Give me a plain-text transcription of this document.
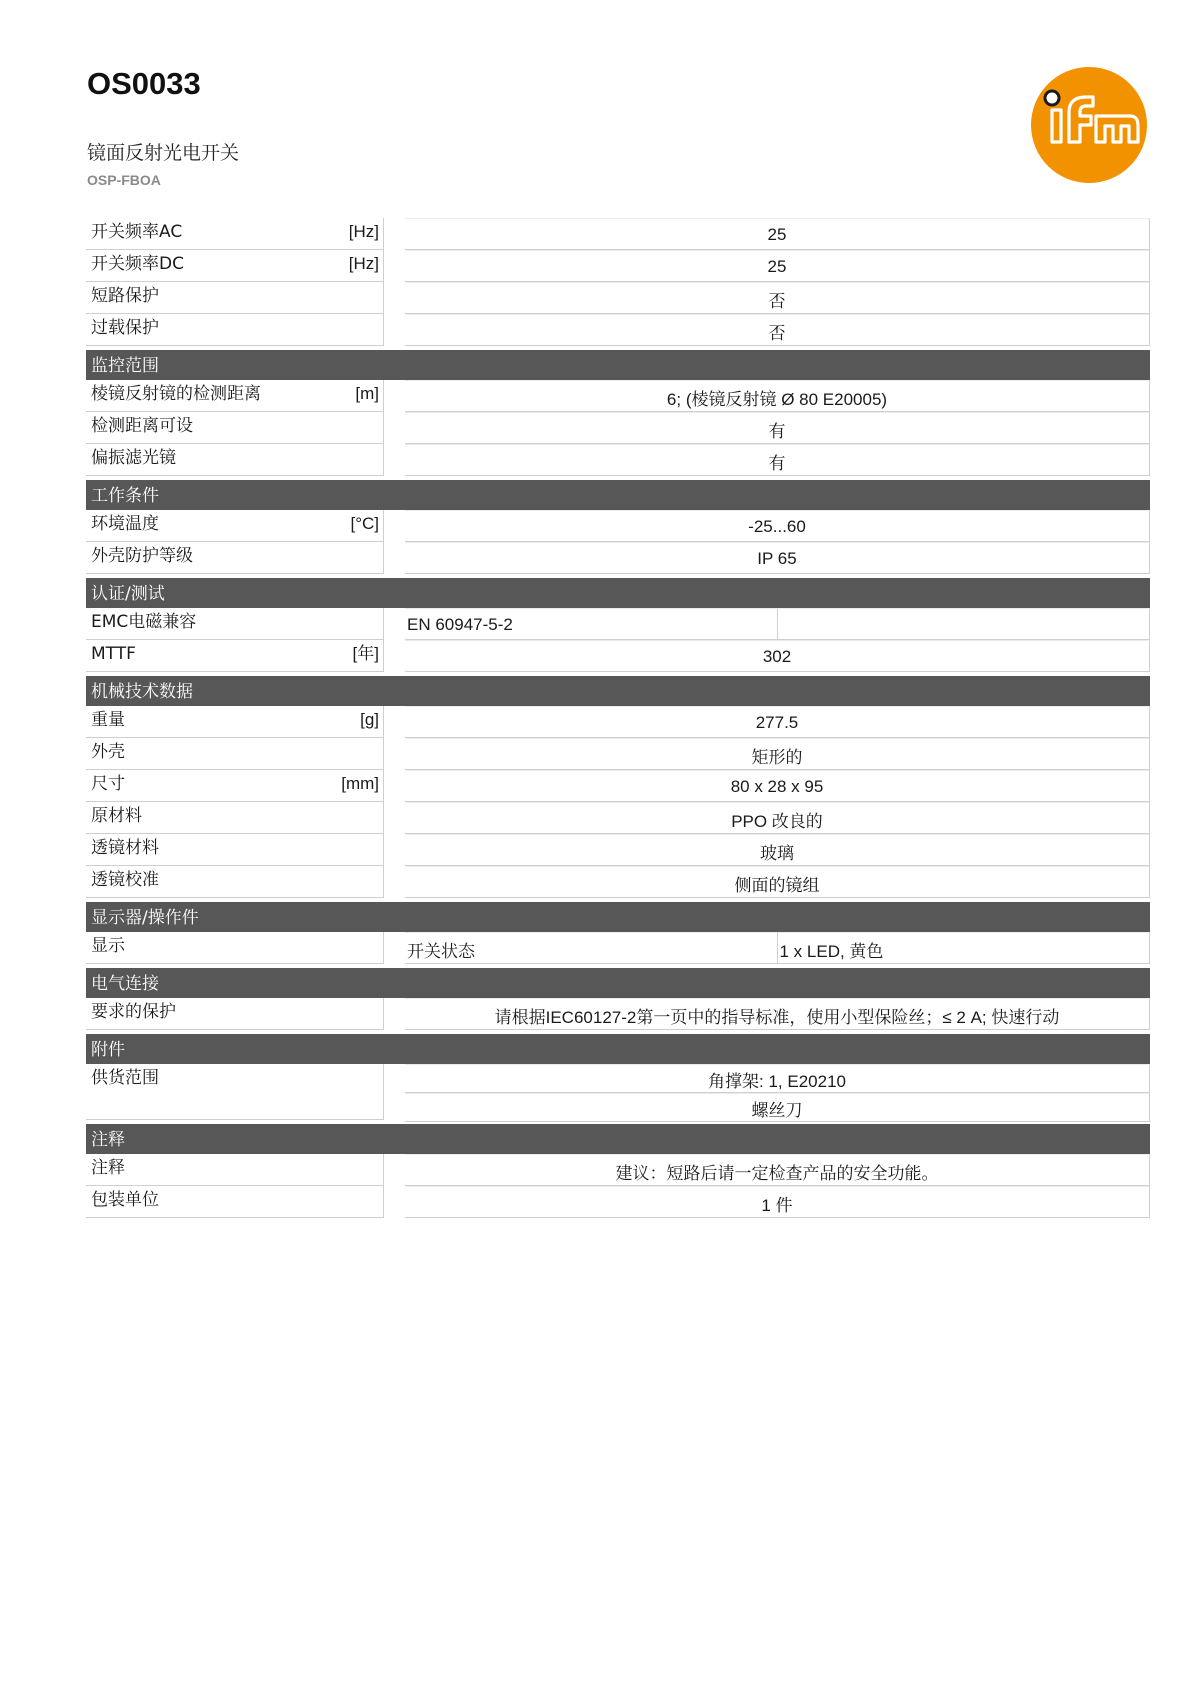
OS0033
镜面反射光电开关
OSP-FBOA
开关频率AC	[Hz]	25
开关频率DC	[Hz]	25
短路保护	否
过载保护	否
监控范围
棱镜反射镜的检测距离	[m]	6; (棱镜反射镜 Ø 80 E20005)
检测距离可设	有
偏振滤光镜	有
工作条件
环境温度	[°C]	-25...60
外壳防护等级	IP 65
认证/测试
EMC电磁兼容	EN 60947-5-2
MTTF	[年]	302
机械技术数据
重量	[g]	277.5
外壳	矩形的
尺寸	[mm]	80 x 28 x 95
原材料	PPO 改良的
透镜材料	玻璃
透镜校准	侧面的镜组
显示器/操作件
显示	开关状态	1 x LED, 黄色
电气连接
要求的保护	请根据IEC60127-2第一页中的指导标准，使用小型保险丝；≤ 2 A; 快速行动
附件
供货范围	角撑架: 1, E20210
螺丝刀
注释
注释	建议：短路后请一定检查产品的安全功能。
包装单位	1 件
